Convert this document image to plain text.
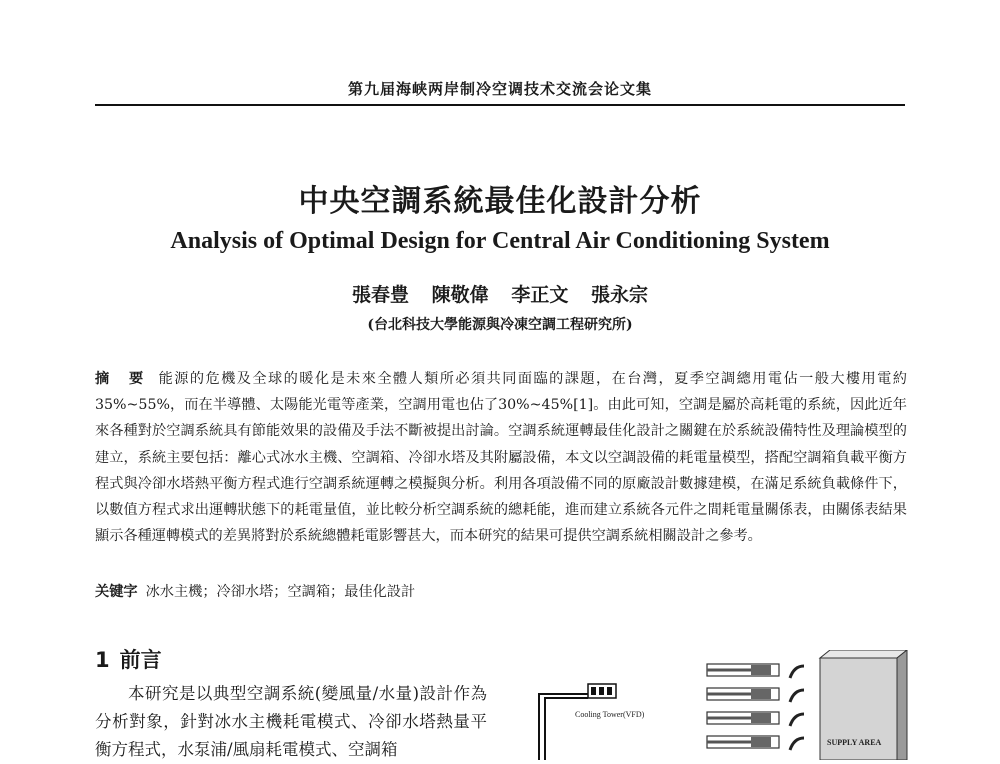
第九届海峡两岸制冷空调技术交流会论文集
中央空調系統最佳化設計分析
Analysis of Optimal Design for Central Air Conditioning System
張春豊 陳敬偉 李正文 張永宗
(台北科技大學能源與冷凍空調工程研究所)
摘 要 能源的危機及全球的暖化是未來全體人類所必須共同面臨的課題，在台灣，夏季空調總用電佔一般大樓用電約35%~55%，而在半導體、太陽能光電等產業，空調用電也佔了30%~45%[1]。由此可知，空調是屬於高耗電的系統，因此近年來各種對於空調系統具有節能效果的設備及手法不斷被提出討論。空調系統運轉最佳化設計之關鍵在於系統設備特性及理論模型的建立，系統主要包括：離心式冰水主機、空調箱、冷卻水塔及其附屬設備，本文以空調設備的耗電量模型，搭配空調箱負載平衡方程式與冷卻水塔熱平衡方程式進行空調系統運轉之模擬與分析。利用各項設備不同的原廠設計數據建模，在滿足系統負載條件下，以數值方程式求出運轉狀態下的耗電量值，並比較分析空調系統的總耗能，進而建立系統各元件之間耗電量關係表，由關係表結果顯示各種運轉模式的差異將對於系統總體耗電影響甚大，而本研究的結果可提供空調系統相關設計之參考。
关键字 冰水主機；冷卻水塔；空調箱；最佳化設計
1 前言
本研究是以典型空調系統(變風量/水量)設計作為分析對象，針對冰水主機耗電模式、冷卻水塔熱量平衡方程式，水泵浦/風扇耗電模式、空調箱
Cooling Tower(VFD)
SUPPLY AREA
